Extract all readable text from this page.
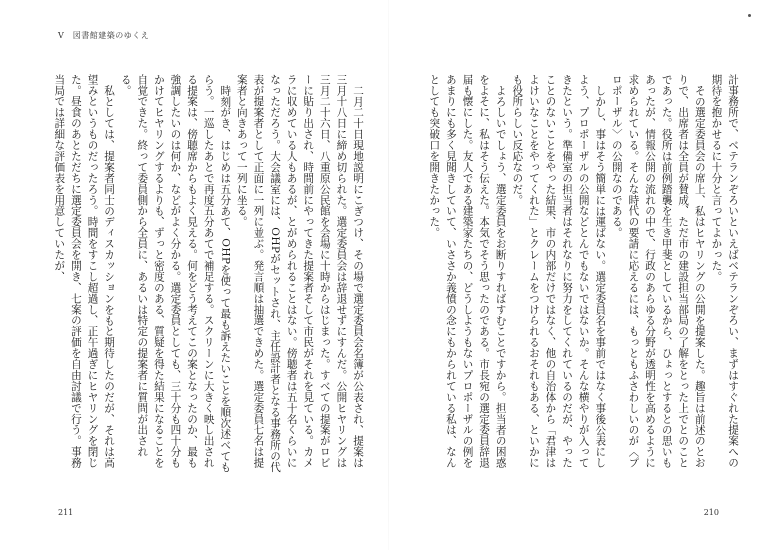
V　図書館建築のゆくえ

二月二十日現地説明にこぎつけ、その場で選定委員会名簿が公表され、提案は三月十八日に締め切られた。選定委員会は辞退せずにすんだ。公開ヒヤリングは三月二十六日、八重原公民館を会場に十時からはじまった。すべての提案がロビーに貼り出され、時間前にやってきた提案者そして市民がそれを見ている。カメラに収めている人もあるが、とがめられることはない。傍聴者は五十名くらいになっただろう。大会議室には、OHPがセットされ、主任設計者となる事務所の代表が提案者として正面に一列に並ぶ。発言順は抽選できめた。選定委員七名は提案者と向きあって一列に坐る。

時刻がき、はじめは五分あて、OHPを使って最も訴えたいことを順次述べてもらう。一巡したあとで再度五分あてで補足する。スクリーンに大きく映し出される提案は、傍聴席からもよく見える。何をどう考えてこの案となったのか、最も強調したいのは何か、などがよく分かる。選定委員としても、三十分も四十分もかけてヒヤリングするよりも、ずっと密度のある、質疑を得た結果になることを自覚できた。終って委員側から全員に、あるいは特定の提案者に質問が出される。

私としては、提案者同士のディスカッションをもと期待したのだが、それは高望みというものだったろう。時間をすこし超過し、正午過ぎにヒヤリングを閉じた。昼食のあとただちに選定委員会を開き、七案の評価を自由討議で行う。事務当局では詳細な評価表を用意していたが、

211

計事務所で、ベテランぞろいといえばベテランぞろい、まずはすぐれた提案への期待を抱かせるに十分と言ってよかった。

その選定委員会の席上、私はヒヤリングの公開を提案した。趣旨は前述のとおりで、出席者は全員が賛成、ただ市の建設担当部局の了解をとった上でとのことであった。役所は前例踏襲を生き甲斐としているから、ひょっとするとの思いもあったが、情報公開の流れの中で、行政のあらゆる分野が透明性を高めるように求められている。そんな時代の要請に応えるには、もっともふさわしいのが〈プロポーザル〉の公開なのである。

しかし、事はそう簡単には運ばない。選定委員名を事前ではなく事後公表にしよう、プロポーザルの公開などとんでもないではないか。そんな横やりが入ってきたという。準備室の担当者はそれなりに努力をしてくれているのだが、やったことのないことをやった結果、市の内部だけではなく、他の自治体から「君津はよけいなことをやってくれた」とクレームをつけられるおそれもある、といかにも役所らしい反応なのだ。

よろしいでしょう、選定委員をお断りすればすむことですから。担当者の困惑をよそに、私はそう伝えた。本気でそう思ったのである。市長宛の選定委員辞退届も懐にした。友人である建築家たちの、どうしようもないプロポーザルの例をあまりにも多く見聞きしていて、いささか義憤の念にもかられている私は、なんとしても突破口を開きたかった。

210
